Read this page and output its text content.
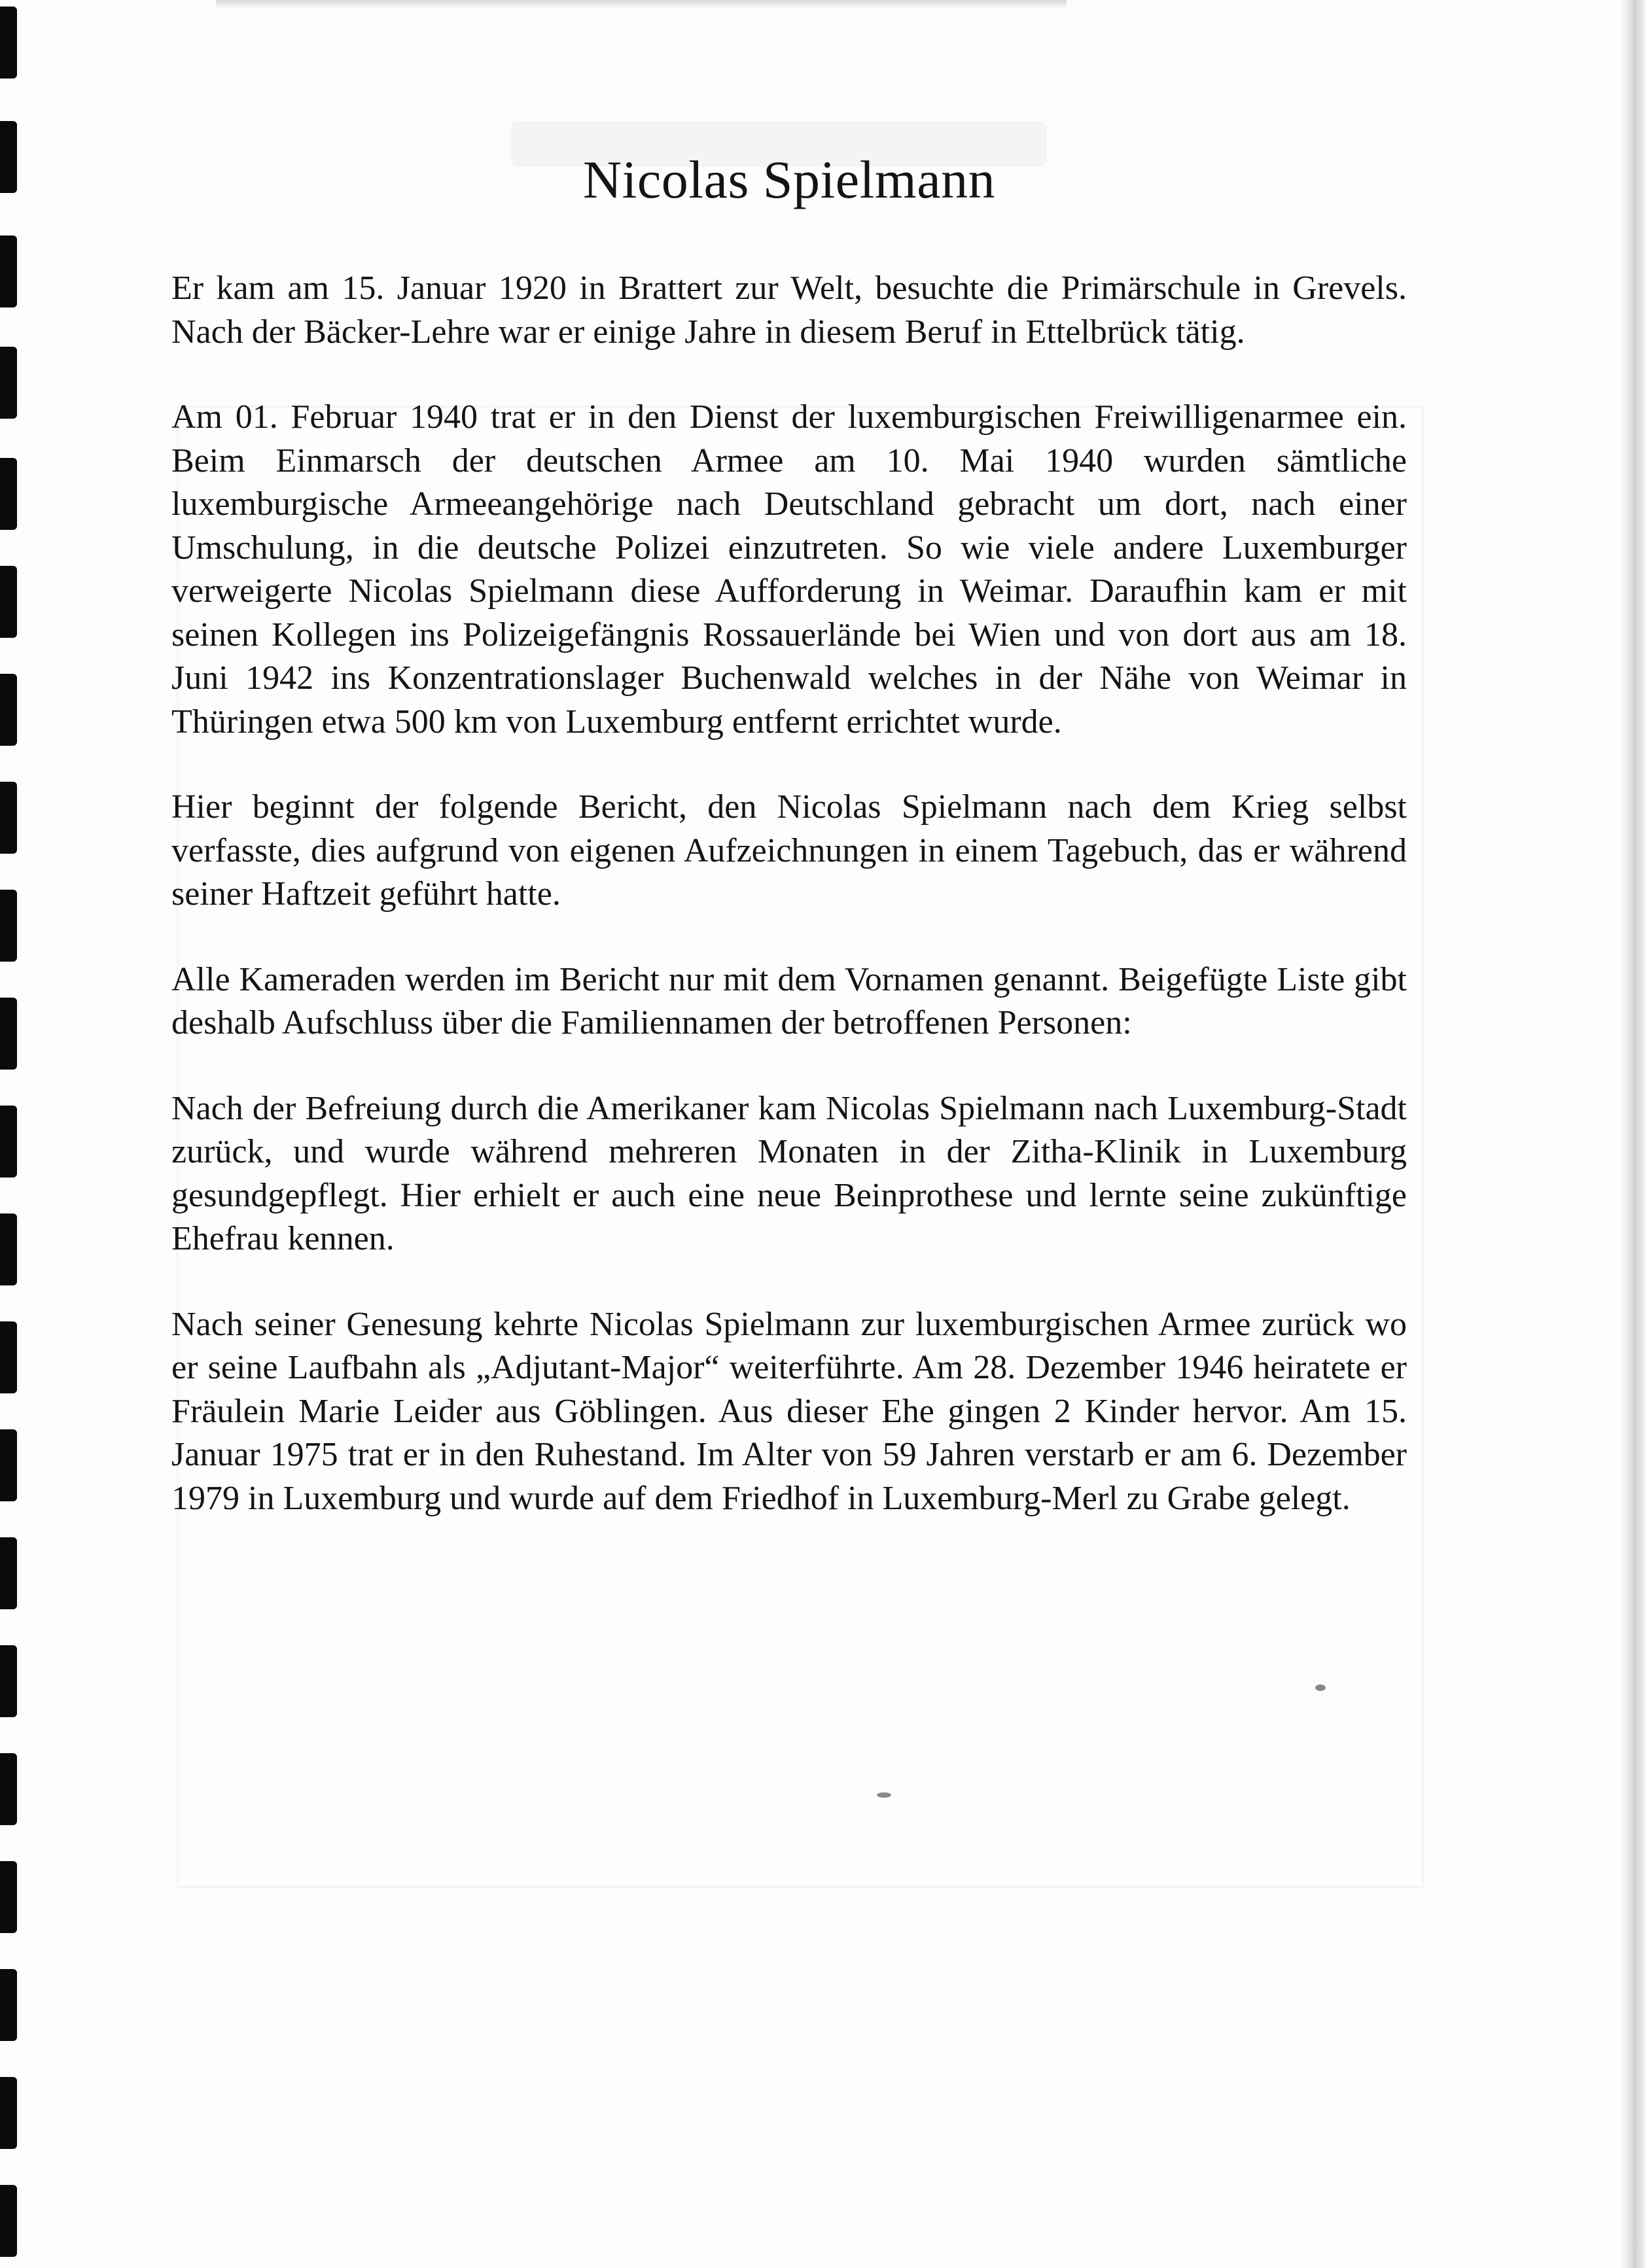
Nicolas Spielmann

Er kam am 15. Januar 1920 in Brattert zur Welt, besuchte die Primärschule in Grevels. Nach der Bäcker-Lehre war er einige Jahre in diesem Beruf in Ettelbrück tätig.

Am 01. Februar 1940 trat er in den Dienst der luxemburgischen Freiwilligenarmee ein. Beim Einmarsch der deutschen Armee am 10. Mai 1940 wurden sämtliche luxemburgische Armeeangehörige nach Deutschland gebracht um dort, nach einer Umschulung, in die deutsche Polizei einzutreten. So wie viele andere Luxemburger verweigerte Nicolas Spielmann diese Aufforderung in Weimar. Daraufhin kam er mit seinen Kollegen ins Polizeigefängnis Rossauerlände bei Wien und von dort aus am 18. Juni 1942 ins Konzentrationslager Buchenwald welches in der Nähe von Weimar in Thüringen etwa 500 km von Luxemburg entfernt errichtet wurde.

Hier beginnt der folgende Bericht, den Nicolas Spielmann nach dem Krieg selbst verfasste, dies aufgrund von eigenen Aufzeichnungen in einem Tagebuch, das er während seiner Haftzeit geführt hatte.

Alle Kameraden werden im Bericht nur mit dem Vornamen genannt. Beigefügte Liste gibt deshalb Aufschluss über die Familiennamen der betroffenen Personen:

Nach der Befreiung durch die Amerikaner kam Nicolas Spielmann nach Luxemburg-Stadt zurück, und wurde während mehreren Monaten in der Zitha-Klinik in Luxemburg gesundgepflegt. Hier erhielt er auch eine neue Beinprothese und lernte seine zukünftige Ehefrau kennen.

Nach seiner Genesung kehrte Nicolas Spielmann zur luxemburgischen Armee zurück wo er seine Laufbahn als „Adjutant-Major“ weiterführte. Am 28. Dezember 1946 heiratete er Fräulein Marie Leider aus Göblingen. Aus dieser Ehe gingen 2 Kinder hervor. Am 15. Januar 1975 trat er in den Ruhestand. Im Alter von 59 Jahren verstarb er am 6. Dezember 1979 in Luxemburg und wurde auf dem Friedhof in Luxemburg-Merl zu Grabe gelegt.
